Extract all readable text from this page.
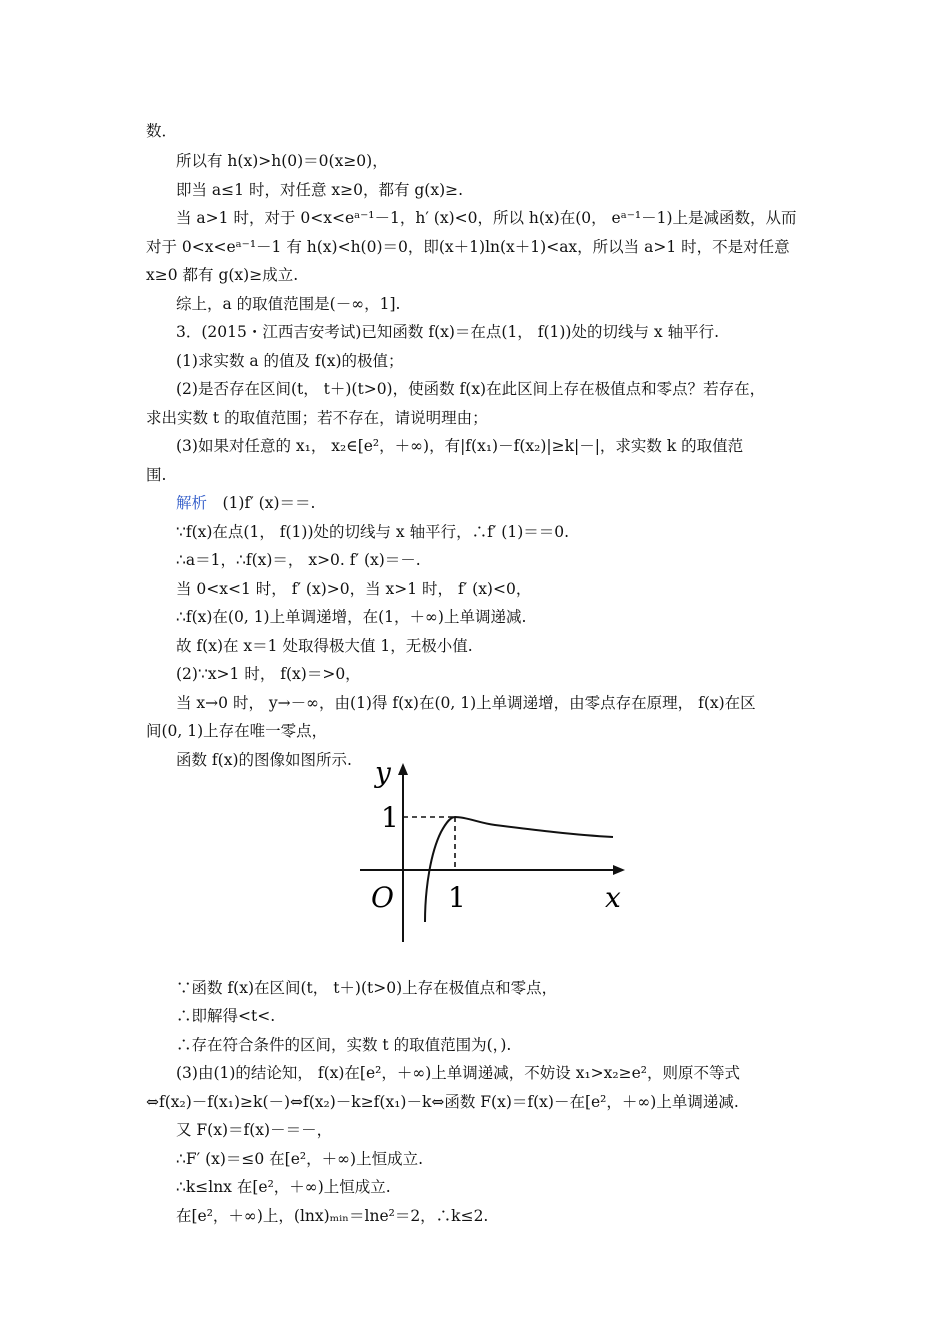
数．
所以有 h(x)>h(0)＝0(x≥0)，
即当 a≤1 时，对任意 x≥0，都有 g(x)≥.
当 a>1 时，对于 0<x<eᵃ⁻¹－1，h′ (x)<0，所以 h(x)在(0， eᵃ⁻¹－1)上是减函数，从而
对于 0<x<eᵃ⁻¹－1 有 h(x)<h(0)＝0，即(x＋1)ln(x＋1)<ax，所以当 a>1 时，不是对任意
x≥0 都有 g(x)≥成立.
综上，a 的取值范围是(－∞，1].
3．(2015・江西吉安考试)已知函数 f(x)＝在点(1， f(1))处的切线与 x 轴平行.
(1)求实数 a 的值及 f(x)的极值；
(2)是否存在区间(t， t＋)(t>0)，使函数 f(x)在此区间上存在极值点和零点？若存在，
求出实数 t 的取值范围；若不存在，请说明理由；
(3)如果对任意的 x₁， x₂∈[e²，＋∞)，有|f(x₁)－f(x₂)|≥k|－|，求实数 k 的取值范
围.
解析  (1)f′ (x)＝＝.
∵f(x)在点(1， f(1))处的切线与 x 轴平行，∴f′ (1)＝＝0.
∴a＝1，∴f(x)＝， x>0. f′ (x)＝－.
当 0<x<1 时， f′ (x)>0，当 x>1 时， f′ (x)<0，
∴f(x)在(0, 1)上单调递增，在(1，＋∞)上单调递减.
故 f(x)在 x＝1 处取得极大值 1，无极小值.
(2)∵x>1 时， f(x)＝>0，
当 x→0 时， y→－∞，由(1)得 f(x)在(0, 1)上单调递增，由零点存在原理， f(x)在区
间(0, 1)上存在唯一零点，
函数 f(x)的图像如图所示.
∵函数 f(x)在区间(t， t＋)(t>0)上存在极值点和零点，
∴即解得<t<.
∴存在符合条件的区间，实数 t 的取值范围为(，).
(3)由(1)的结论知， f(x)在[e²，＋∞)上单调递减，不妨设 x₁>x₂≥e²，则原不等式
⇔f(x₂)－f(x₁)≥k(－)⇔f(x₂)－k≥f(x₁)－k⇔函数 F(x)＝f(x)－在[e²，＋∞)上单调递减.
又 F(x)＝f(x)－＝－，
∴F′ (x)＝≤0 在[e²，＋∞)上恒成立.
∴k≤lnx 在[e²，＋∞)上恒成立.
在[e²，＋∞)上，(lnx)ₘᵢₙ＝lne²＝2，∴k≤2.
y
x
O 1
1
